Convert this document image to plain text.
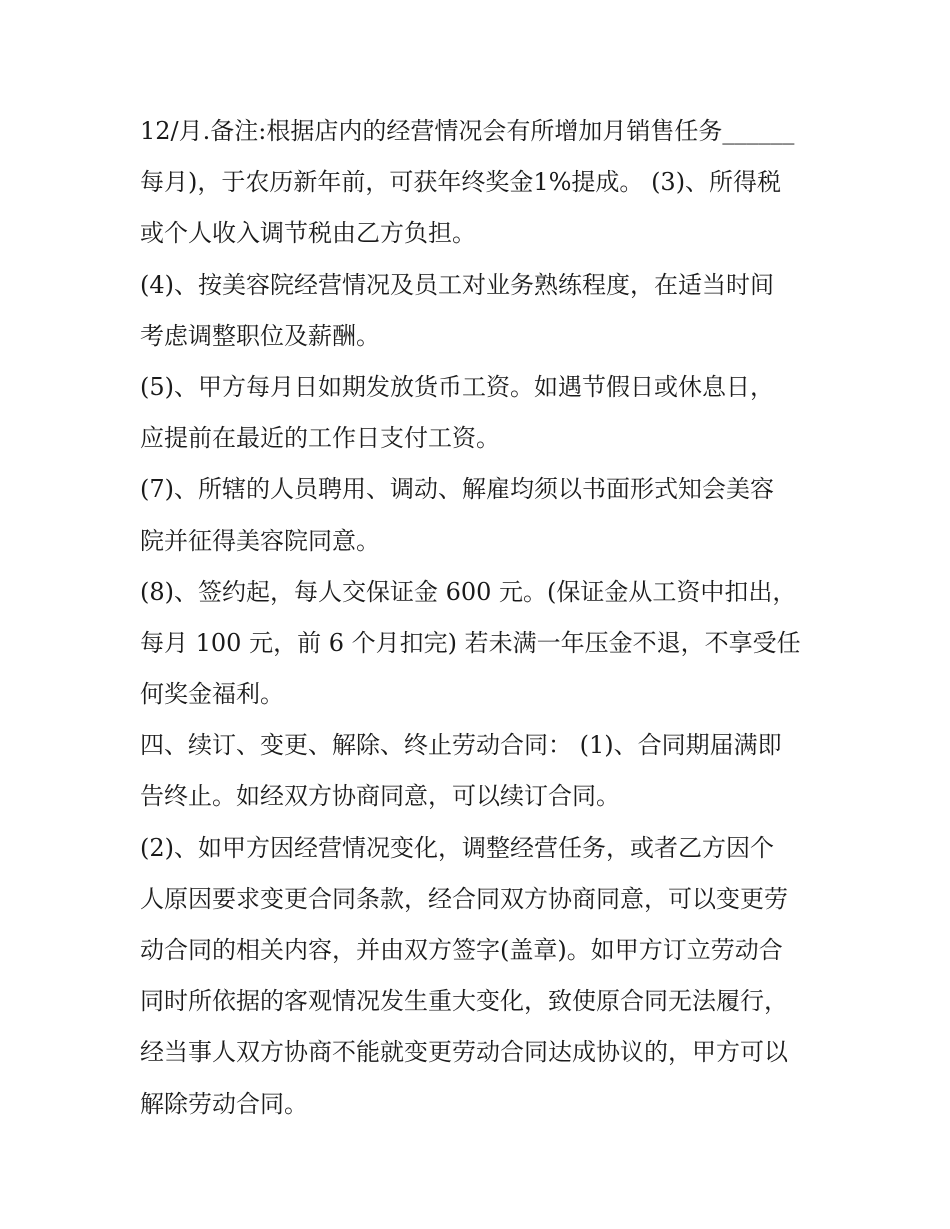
12/月.备注:根据店内的经营情况会有所增加月销售任务______
每月)，于农历新年前，可获年终奖金1%提成。 (3)、所得税
或个人收入调节税由乙方负担。
(4)、按美容院经营情况及员工对业务熟练程度，在适当时间
考虑调整职位及薪酬。
(5)、甲方每月日如期发放货币工资。如遇节假日或休息日，
应提前在最近的工作日支付工资。
(7)、所辖的人员聘用、调动、解雇均须以书面形式知会美容
院并征得美容院同意。
(8)、签约起，每人交保证金 600 元。(保证金从工资中扣出，
每月 100 元，前 6 个月扣完) 若未满一年压金不退，不享受任
何奖金福利。
四、续订、变更、解除、终止劳动合同： (1)、合同期届满即
告终止。如经双方协商同意，可以续订合同。
(2)、如甲方因经营情况变化，调整经营任务，或者乙方因个
人原因要求变更合同条款，经合同双方协商同意，可以变更劳
动合同的相关内容，并由双方签字(盖章)。如甲方订立劳动合
同时所依据的客观情况发生重大变化，致使原合同无法履行，
经当事人双方协商不能就变更劳动合同达成协议的，甲方可以
解除劳动合同。
